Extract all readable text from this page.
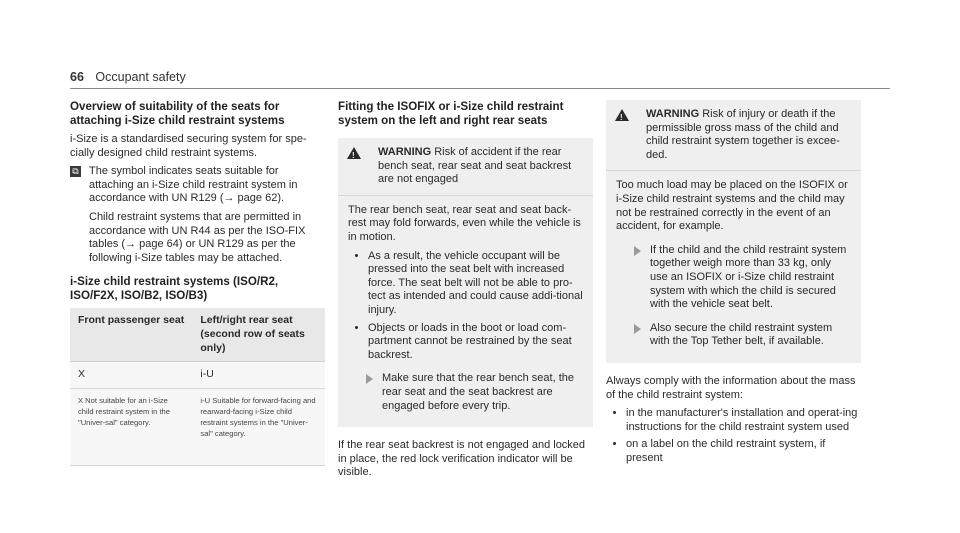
66 Occupant safety
Overview of suitability of the seats for attaching i-Size child restraint systems

i-Size is a standardised securing system for spe-cially designed child restraint systems.

⧉ The symbol indicates seats suitable for attaching an i-Size child restraint system in accordance with UN R129 (→ page 62).

Child restraint systems that are permitted in accordance with UN R44 as per the ISO-FIX tables (→ page 64) or UN R129 as per the following i-Size tables may be attached.

i-Size child restraint systems (ISO/R2, ISO/F2X, ISO/B2, ISO/B3)
Front passenger seat	Left/right rear seat (second row of seats only)
X	i-U
X Not suitable for an i-Size child restraint system in the "Univer-sal" category.	i-U Suitable for forward-facing and rearward-facing i-Size child restraint systems in the "Univer-sal" category.
Fitting the ISOFIX or i-Size child restraint system on the left and right rear seats
!
WARNING Risk of accident if the rear bench seat, rear seat and seat backrest are not engaged

The rear bench seat, rear seat and seat back-rest may fold forwards, even while the vehicle is in motion.

• As a result, the vehicle occupant will be pressed into the seat belt with increased force. The seat belt will not be able to pro-tect as intended and could cause addi-tional injury.
• Objects or loads in the boot or load com-partment cannot be restrained by the seat backrest.
Make sure that the rear bench seat, the rear seat and the seat backrest are engaged before every trip.

If the rear seat backrest is not engaged and locked in place, the red lock verification indicator will be visible.

!
WARNING Risk of injury or death if the permissible gross mass of the child and child restraint system together is excee-ded.

Too much load may be placed on the ISOFIX or i-Size child restraint systems and the child may not be restrained correctly in the event of an accident, for example.

If the child and the child restraint system together weigh more than 33 kg, only use an ISOFIX or i-Size child restraint system with which the child is secured with the vehicle seat belt.
Also secure the child restraint system with the Top Tether belt, if available.

Always comply with the information about the mass of the child restraint system:

• in the manufacturer's installation and operat-ing instructions for the child restraint system used
• on a label on the child restraint system, if present
